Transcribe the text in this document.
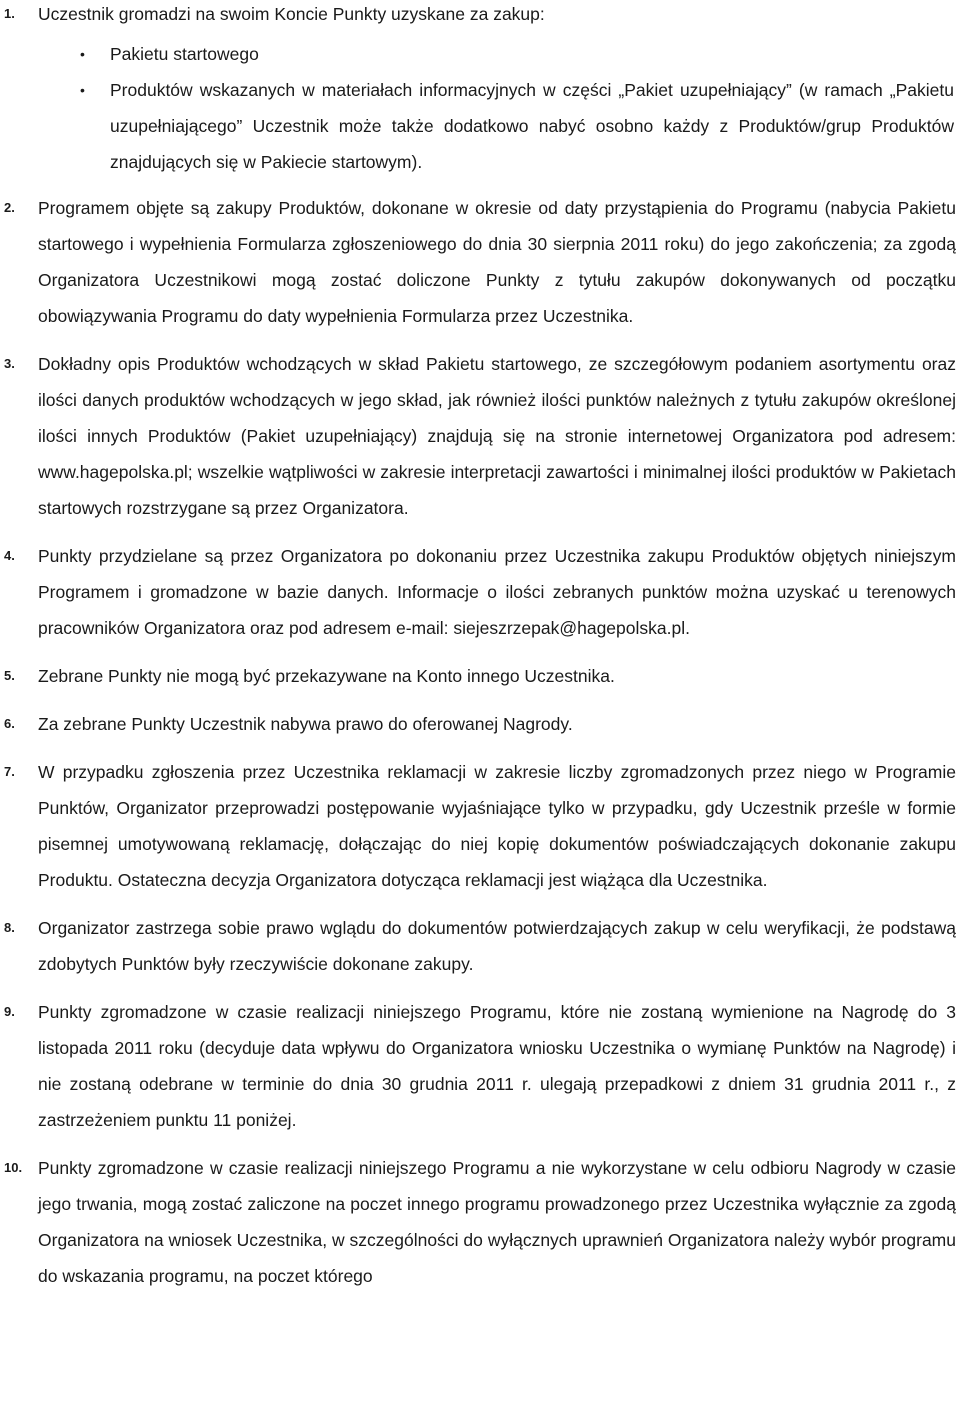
1. Uczestnik gromadzi na swoim Koncie Punkty uzyskane za zakup:

• Pakietu startowego
• Produktów wskazanych w materiałach informacyjnych w części „Pakiet uzupełniający” (w ramach „Pakietu uzupełniającego” Uczestnik może także dodatkowo nabyć osobno każdy z Produktów/grup Produktów znajdujących się w Pakiecie startowym).
2. Programem objęte są zakupy Produktów, dokonane w okresie od daty przystąpienia do Programu (nabycia Pakietu startowego i wypełnienia Formularza zgłoszeniowego do dnia 30 sierpnia 2011 roku) do jego zakończenia; za zgodą Organizatora Uczestnikowi mogą zostać doliczone Punkty z tytułu zakupów dokonywanych od początku obowiązywania Programu do daty wypełnienia Formularza przez Uczestnika.

3. Dokładny opis Produktów wchodzących w skład Pakietu startowego, ze szczegółowym podaniem asortymentu oraz ilości danych produktów wchodzących w jego skład, jak również ilości punktów należnych z tytułu zakupów określonej ilości innych Produktów (Pakiet uzupełniający) znajdują się na stronie internetowej Organizatora pod adresem: www.hagepolska.pl; wszelkie wątpliwości w zakresie interpretacji zawartości i minimalnej ilości produktów w Pakietach startowych rozstrzygane są przez Organizatora.

4. Punkty przydzielane są przez Organizatora po dokonaniu przez Uczestnika zakupu Produktów objętych niniejszym Programem i gromadzone w bazie danych. Informacje o ilości zebranych punktów można uzyskać u terenowych pracowników Organizatora oraz pod adresem e-mail: siejeszrzepak@hagepolska.pl.

5. Zebrane Punkty nie mogą być przekazywane na Konto innego Uczestnika.

6. Za zebrane Punkty Uczestnik nabywa prawo do oferowanej Nagrody.

7. W przypadku zgłoszenia przez Uczestnika reklamacji w zakresie liczby zgromadzonych przez niego w Programie Punktów, Organizator przeprowadzi postępowanie wyjaśniające tylko w przypadku, gdy Uczestnik prześle w formie pisemnej umotywowaną reklamację, dołączając do niej kopię dokumentów poświadczających dokonanie zakupu Produktu. Ostateczna decyzja Organizatora dotycząca reklamacji jest wiążąca dla Uczestnika.

8. Organizator zastrzega sobie prawo wglądu do dokumentów potwierdzających zakup w celu weryfikacji, że podstawą zdobytych Punktów były rzeczywiście dokonane zakupy.

9. Punkty zgromadzone w czasie realizacji niniejszego Programu, które nie zostaną wymienione na Nagrodę do 3 listopada 2011 roku (decyduje data wpływu do Organizatora wniosku Uczestnika o wymianę Punktów na Nagrodę) i nie zostaną odebrane w terminie do dnia 30 grudnia 2011 r. ulegają przepadkowi z dniem 31 grudnia 2011 r., z zastrzeżeniem punktu 11 poniżej.

10. Punkty zgromadzone w czasie realizacji niniejszego Programu a nie wykorzystane w celu odbioru Nagrody w czasie jego trwania, mogą zostać zaliczone na poczet innego programu prowadzonego przez Uczestnika wyłącznie za zgodą Organizatora na wniosek Uczestnika, w szczególności do wyłącznych uprawnień Organizatora należy wybór programu do wskazania programu, na poczet którego
